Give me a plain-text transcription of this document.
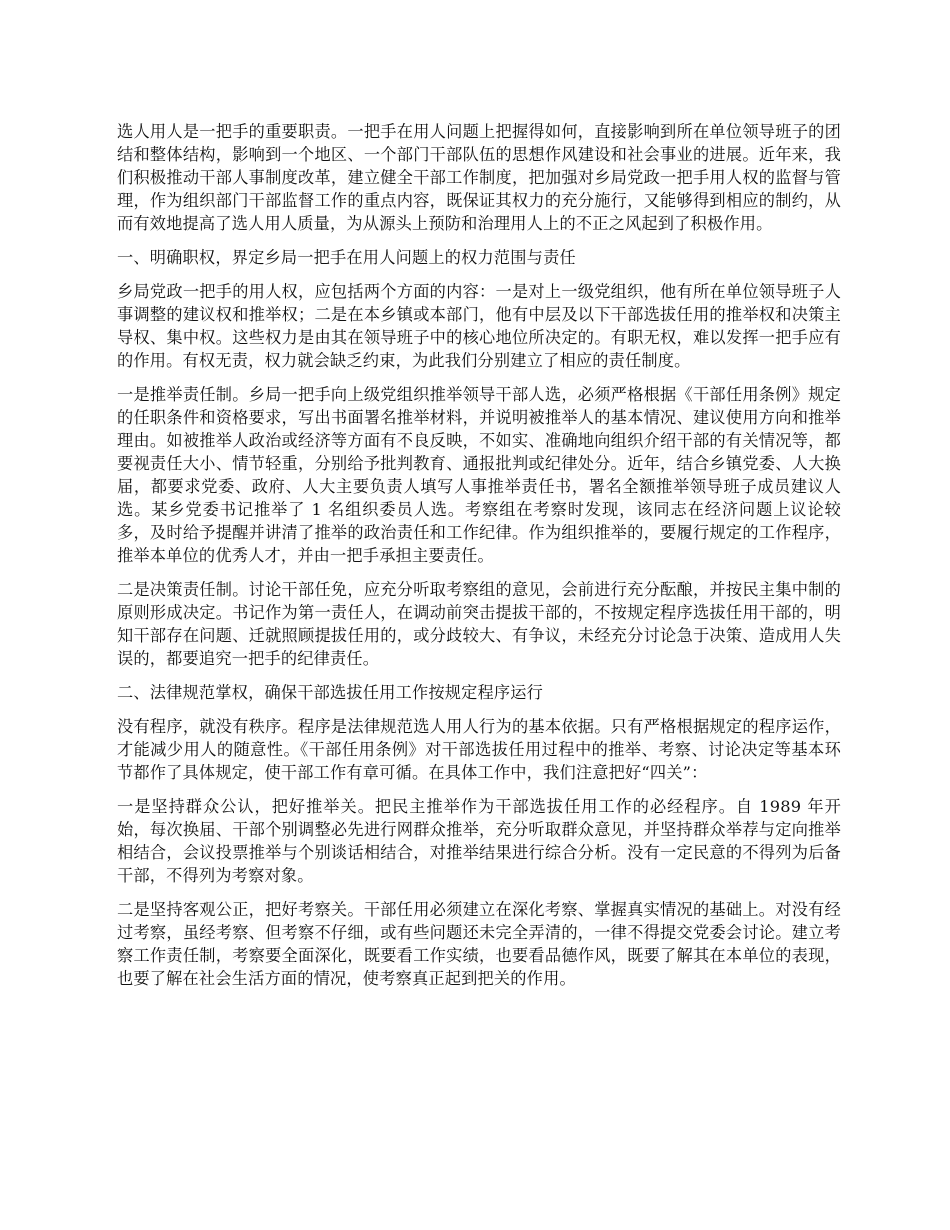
选人用人是一把手的重要职责。一把手在用人问题上把握得如何，直接影响到所在单位领导班子的团结和整体结构，影响到一个地区、一个部门干部队伍的思想作风建设和社会事业的进展。近年来，我们积极推动干部人事制度改革，建立健全干部工作制度，把加强对乡局党政一把手用人权的监督与管理，作为组织部门干部监督工作的重点内容，既保证其权力的充分施行，又能够得到相应的制约，从而有效地提高了选人用人质量，为从源头上预防和治理用人上的不正之风起到了积极作用。

一、明确职权，界定乡局一把手在用人问题上的权力范围与责任

乡局党政一把手的用人权，应包括两个方面的内容：一是对上一级党组织，他有所在单位领导班子人事调整的建议权和推举权；二是在本乡镇或本部门，他有中层及以下干部选拔任用的推举权和决策主导权、集中权。这些权力是由其在领导班子中的核心地位所决定的。有职无权，难以发挥一把手应有的作用。有权无责，权力就会缺乏约束，为此我们分别建立了相应的责任制度。

一是推举责任制。乡局一把手向上级党组织推举领导干部人选，必须严格根据《干部任用条例》规定的任职条件和资格要求，写出书面署名推举材料，并说明被推举人的基本情况、建议使用方向和推举理由。如被推举人政治或经济等方面有不良反映，不如实、准确地向组织介绍干部的有关情况等，都要视责任大小、情节轻重，分别给予批判教育、通报批判或纪律处分。近年，结合乡镇党委、人大换届，都要求党委、政府、人大主要负责人填写人事推举责任书，署名全额推举领导班子成员建议人选。某乡党委书记推举了 1 名组织委员人选。考察组在考察时发现，该同志在经济问题上议论较多，及时给予提醒并讲清了推举的政治责任和工作纪律。作为组织推举的，要履行规定的工作程序，推举本单位的优秀人才，并由一把手承担主要责任。

二是决策责任制。讨论干部任免，应充分听取考察组的意见，会前进行充分酝酿，并按民主集中制的原则形成决定。书记作为第一责任人，在调动前突击提拔干部的，不按规定程序选拔任用干部的，明知干部存在问题、迁就照顾提拔任用的，或分歧较大、有争议，未经充分讨论急于决策、造成用人失误的，都要追究一把手的纪律责任。

二、法律规范掌权，确保干部选拔任用工作按规定程序运行

没有程序，就没有秩序。程序是法律规范选人用人行为的基本依据。只有严格根据规定的程序运作，才能减少用人的随意性。《干部任用条例》对干部选拔任用过程中的推举、考察、讨论决定等基本环节都作了具体规定，使干部工作有章可循。在具体工作中，我们注意把好“四关”：

一是坚持群众公认，把好推举关。把民主推举作为干部选拔任用工作的必经程序。自 1989 年开始，每次换届、干部个别调整必先进行网群众推举，充分听取群众意见，并坚持群众举荐与定向推举相结合，会议投票推举与个别谈话相结合，对推举结果进行综合分析。没有一定民意的不得列为后备干部，不得列为考察对象。

二是坚持客观公正，把好考察关。干部任用必须建立在深化考察、掌握真实情况的基础上。对没有经过考察，虽经考察、但考察不仔细，或有些问题还未完全弄清的，一律不得提交党委会讨论。建立考察工作责任制，考察要全面深化，既要看工作实绩，也要看品德作风，既要了解其在本单位的表现，也要了解在社会生活方面的情况，使考察真正起到把关的作用。
